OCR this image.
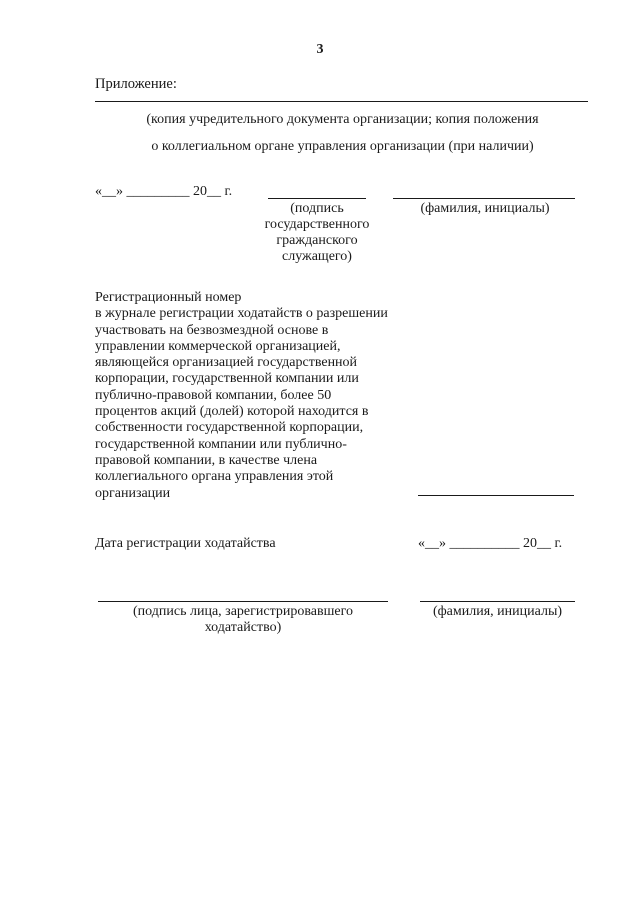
3
Приложение:
(копия учредительного документа организации; копия положения
о коллегиальном органе управления организации (при наличии)
«__» _________ 20__ г.
(подпись государственного гражданского служащего)
(фамилия, инициалы)
Регистрационный номер
в журнале регистрации ходатайств о разрешении участвовать на безвозмездной основе в управлении коммерческой организацией, являющейся организацией государственной корпорации, государственной компании или публично-правовой компании, более 50 процентов акций (долей) которой находится в собственности государственной корпорации, государственной компании или публично-правовой компании, в качестве члена коллегиального органа управления этой организации
Дата регистрации ходатайства	«__» __________ 20__ г.
(подпись лица, зарегистрировавшего ходатайство)
(фамилия, инициалы)
